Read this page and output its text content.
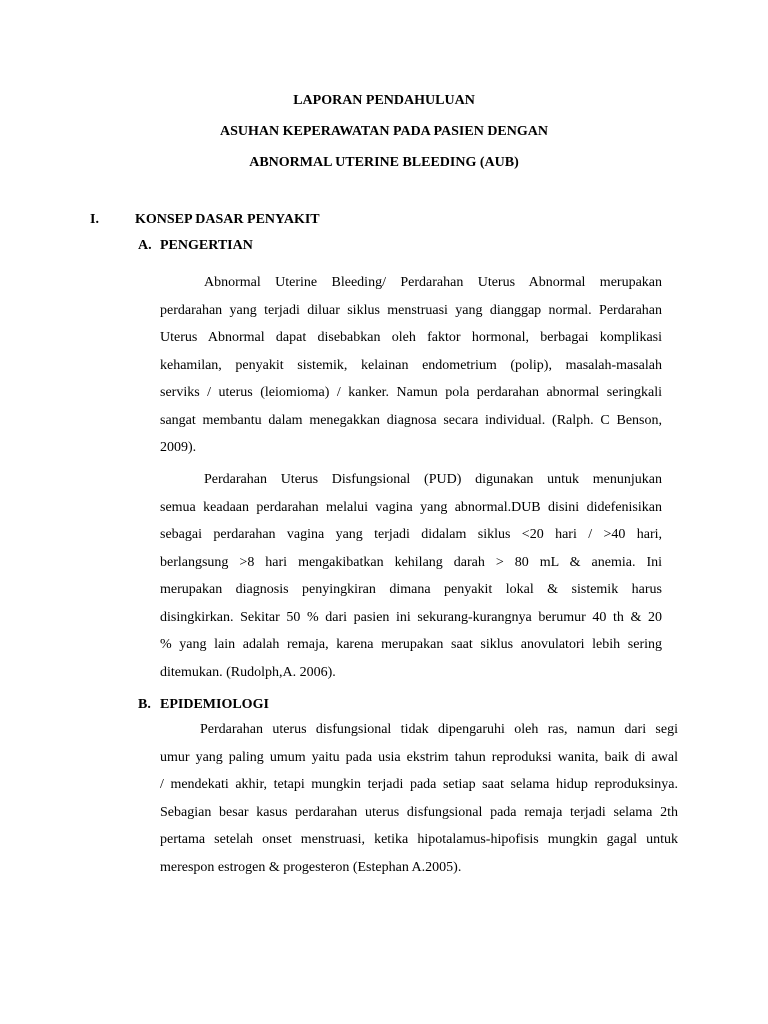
LAPORAN PENDAHULUAN

ASUHAN KEPERAWATAN PADA PASIEN DENGAN

ABNORMAL UTERINE BLEEDING (AUB)

I.	KONSEP DASAR PENYAKIT

A. PENGERTIAN

Abnormal Uterine Bleeding/ Perdarahan Uterus Abnormal merupakan
perdarahan yang terjadi diluar siklus menstruasi yang dianggap normal. Perdarahan
Uterus Abnormal dapat disebabkan oleh faktor hormonal, berbagai komplikasi
kehamilan, penyakit sistemik, kelainan endometrium (polip), masalah-masalah
serviks / uterus (leiomioma) / kanker. Namun pola perdarahan abnormal seringkali
sangat membantu dalam menegakkan diagnosa secara individual. (Ralph. C Benson,
2009).
Perdarahan Uterus Disfungsional (PUD) digunakan untuk menunjukan
semua keadaan perdarahan melalui vagina yang abnormal.DUB disini didefenisikan
sebagai perdarahan vagina yang terjadi didalam siklus <20 hari / >40 hari,
berlangsung >8 hari mengakibatkan kehilang darah > 80 mL & anemia. Ini
merupakan diagnosis penyingkiran dimana penyakit lokal & sistemik harus
disingkirkan. Sekitar 50 % dari pasien ini sekurang-kurangnya berumur 40 th & 20
% yang lain adalah remaja, karena merupakan saat siklus anovulatori lebih sering
ditemukan. (Rudolph,A. 2006).
B. EPIDEMIOLOGI

Perdarahan uterus disfungsional tidak dipengaruhi oleh ras, namun dari segi
umur yang paling umum yaitu pada usia ekstrim tahun reproduksi wanita, baik di awal
/ mendekati akhir, tetapi mungkin terjadi pada setiap saat selama hidup reproduksinya.
Sebagian besar kasus perdarahan uterus disfungsional pada remaja terjadi selama 2th
pertama setelah onset menstruasi, ketika hipotalamus-hipofisis mungkin gagal untuk
merespon estrogen & progesteron (Estephan A.2005).
